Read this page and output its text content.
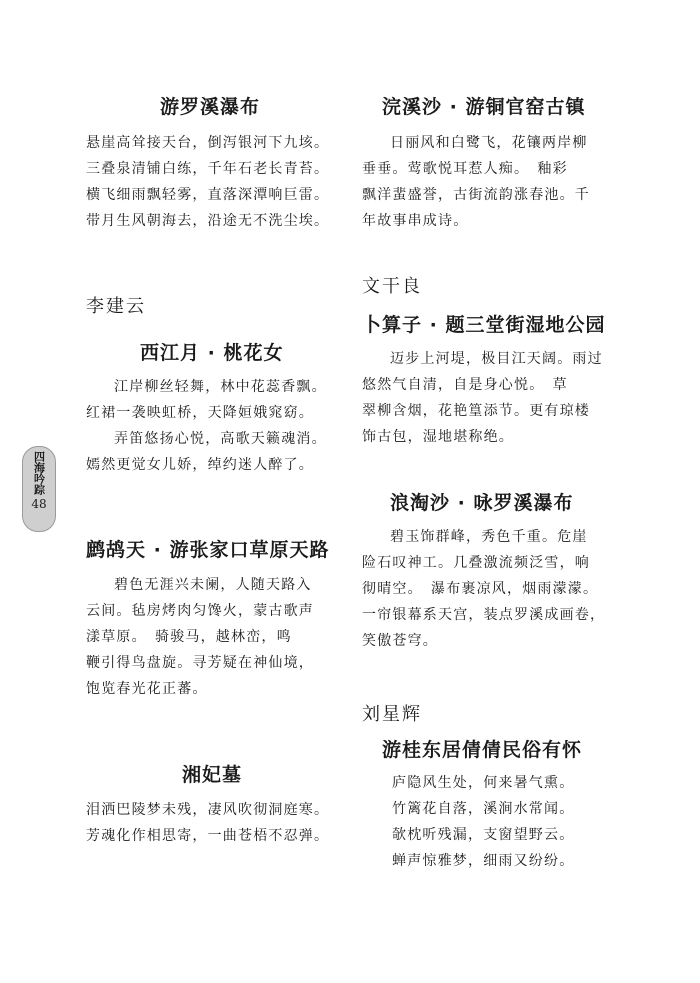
游罗溪瀑布
悬崖高耸接天台，倒泻银河下九垓。
三叠泉清铺白练，千年石老长青苔。
横飞细雨飘轻雾，直落深潭响巨雷。
带月生风朝海去，沿途无不洗尘埃。
李建云
西江月 · 桃花女
江岸柳丝轻舞，林中花蕊香飘。
红裙一袭映虹桥，天降姮娥窕窈。
弄笛悠扬心悦，高歌天籁魂消。
嫣然更觉女儿娇，绰约迷人醉了。
鹧鸪天 · 游张家口草原天路
碧色无涯兴未阑，人随天路入
云间。毡房烤肉匀馋火，蒙古歌声
漾草原。　骑骏马，越林峦，鸣
鞭引得鸟盘旋。寻芳疑在神仙境，
饱览春光花正蕃。
湘妃墓
泪洒巴陵梦未残，凄风吹彻洞庭寒。
芳魂化作相思寄，一曲苍梧不忍弹。
浣溪沙 · 游铜官窑古镇
日丽风和白鹭飞，花镶两岸柳
垂垂。莺歌悦耳惹人痴。　釉彩
飘洋蜚盛誉，古街流韵涨春池。千
年故事串成诗。
文干良
卜算子 · 题三堂街湿地公园
迈步上河堤，极目江天阔。雨过
悠然气自清，自是身心悦。　草
翠柳含烟，花艳篁添节。更有琼楼
饰古包，湿地堪称绝。
浪淘沙 · 咏罗溪瀑布
碧玉饰群峰，秀色千重。危崖
险石叹神工。几叠激流频泛雪，响
彻晴空。　瀑布裹凉风，烟雨濛濛。
一帘银幕系天宫，装点罗溪成画卷，
笑傲苍穹。
刘星辉
游桂东居倩倩民俗有怀
庐隐风生处，何来暑气熏。
竹篱花自落，溪涧水常闻。
欹枕听残漏，支窗望野云。
蝉声惊雅梦，细雨又纷纷。
四海吟踪
48
